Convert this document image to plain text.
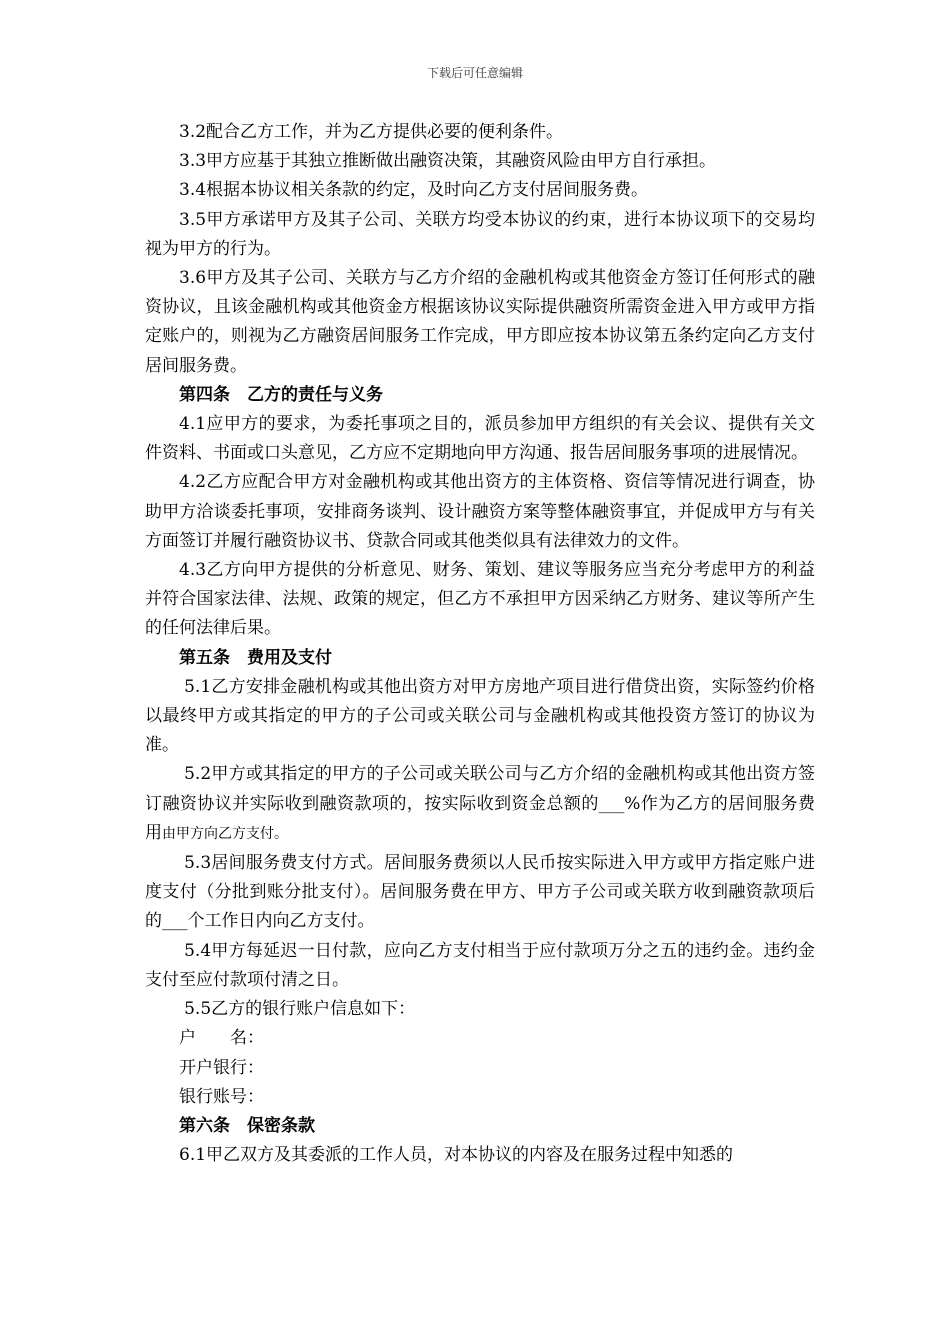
下载后可任意编辑

3.2配合乙方工作，并为乙方提供必要的便利条件。

3.3甲方应基于其独立推断做出融资决策，其融资风险由甲方自行承担。

3.4根据本协议相关条款的约定，及时向乙方支付居间服务费。

3.5甲方承诺甲方及其子公司、关联方均受本协议的约束，进行本协议项下的交易均视为甲方的行为。

3.6甲方及其子公司、关联方与乙方介绍的金融机构或其他资金方签订任何形式的融资协议，且该金融机构或其他资金方根据该协议实际提供融资所需资金进入甲方或甲方指定账户的，则视为乙方融资居间服务工作完成，甲方即应按本协议第五条约定向乙方支付居间服务费。

第四条　乙方的责任与义务

4.1应甲方的要求，为委托事项之目的，派员参加甲方组织的有关会议、提供有关文件资料、书面或口头意见，乙方应不定期地向甲方沟通、报告居间服务事项的进展情况。

4.2乙方应配合甲方对金融机构或其他出资方的主体资格、资信等情况进行调查，协助甲方洽谈委托事项，安排商务谈判、设计融资方案等整体融资事宜，并促成甲方与有关方面签订并履行融资协议书、贷款合同或其他类似具有法律效力的文件。

4.3乙方向甲方提供的分析意见、财务、策划、建议等服务应当充分考虑甲方的利益并符合国家法律、法规、政策的规定，但乙方不承担甲方因采纳乙方财务、建议等所产生的任何法律后果。

第五条　费用及支付

5.1乙方安排金融机构或其他出资方对甲方房地产项目进行借贷出资，实际签约价格以最终甲方或其指定的甲方的子公司或关联公司与金融机构或其他投资方签订的协议为准。

5.2甲方或其指定的甲方的子公司或关联公司与乙方介绍的金融机构或其他出资方签订融资协议并实际收到融资款项的，按实际收到资金总额的___%作为乙方的居间服务费用由甲方向乙方支付。

5.3居间服务费支付方式。居间服务费须以人民币按实际进入甲方或甲方指定账户进度支付（分批到账分批支付）。居间服务费在甲方、甲方子公司或关联方收到融资款项后的___个工作日内向乙方支付。

5.4甲方每延迟一日付款，应向乙方支付相当于应付款项万分之五的违约金。违约金支付至应付款项付清之日。

5.5乙方的银行账户信息如下：

户　　名：

开户银行：

银行账号：

第六条　保密条款

6.1甲乙双方及其委派的工作人员，对本协议的内容及在服务过程中知悉的
